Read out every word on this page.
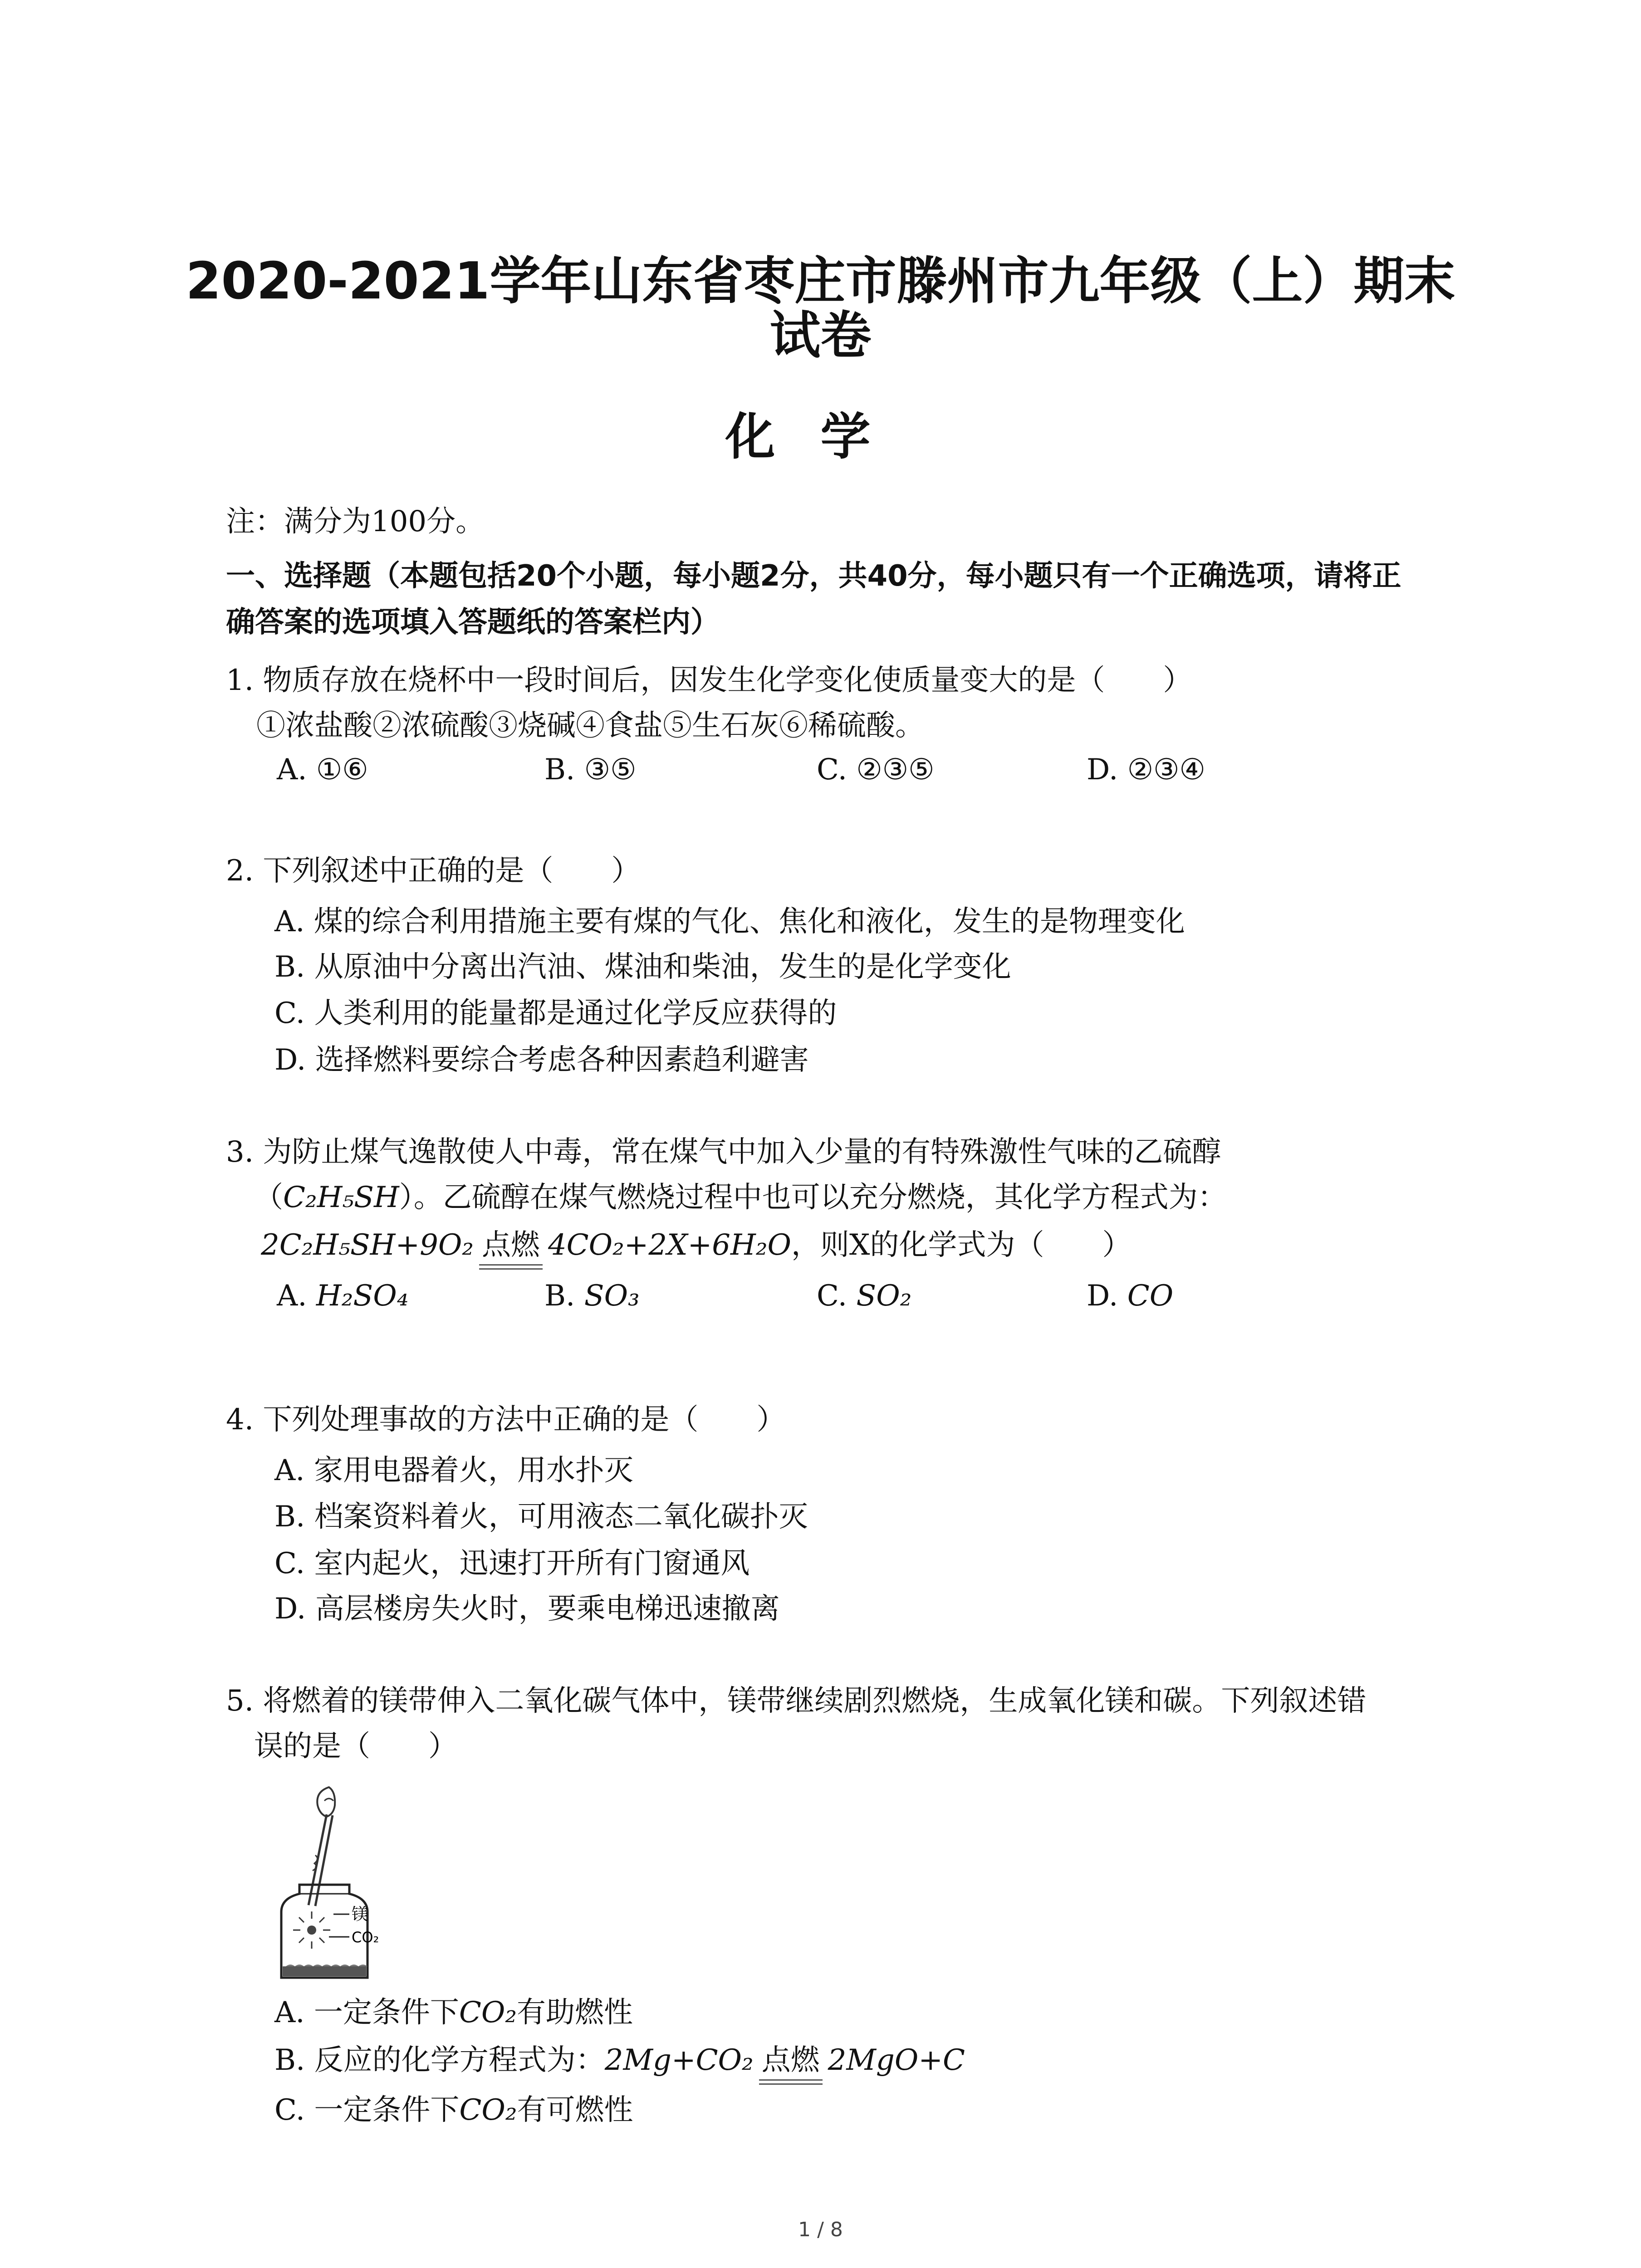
2020-2021学年山东省枣庄市滕州市九年级（上）期末
试卷
化学
注：满分为100分。
一、选择题（本题包括20个小题，每小题2分，共40分，每小题只有一个正确选项，请将正
确答案的选项填入答题纸的答案栏内）
1. 物质存放在烧杯中一段时间后，因发生化学变化使质量变大的是（　　）
①浓盐酸②浓硫酸③烧碱④食盐⑤生石灰⑥稀硫酸。
A. ①⑥	B. ③⑤	C. ②③⑤	D. ②③④
2. 下列叙述中正确的是（　　）
A. 煤的综合利用措施主要有煤的气化、焦化和液化，发生的是物理变化
B. 从原油中分离出汽油、煤油和柴油，发生的是化学变化
C. 人类利用的能量都是通过化学反应获得的
D. 选择燃料要综合考虑各种因素趋利避害
3. 为防止煤气逸散使人中毒，常在煤气中加入少量的有特殊激性气味的乙硫醇
（C₂H₅SH）。乙硫醇在煤气燃烧过程中也可以充分燃烧，其化学方程式为：
2C₂H₅SH+9O₂ 点燃 4CO₂+2X+6H₂O，则X的化学式为（　　）
A. H₂SO₄	B. SO₃	C. SO₂	D. CO
4. 下列处理事故的方法中正确的是（　　）
A. 家用电器着火，用水扑灭
B. 档案资料着火，可用液态二氧化碳扑灭
C. 室内起火，迅速打开所有门窗通风
D. 高层楼房失火时，要乘电梯迅速撤离
5. 将燃着的镁带伸入二氧化碳气体中，镁带继续剧烈燃烧，生成氧化镁和碳。下列叙述错
误的是（　　）
镁
CO₂
A. 一定条件下CO₂有助燃性
B. 反应的化学方程式为：2Mg+CO₂ 点燃 2MgO+C
C. 一定条件下CO₂有可燃性
1 / 8
